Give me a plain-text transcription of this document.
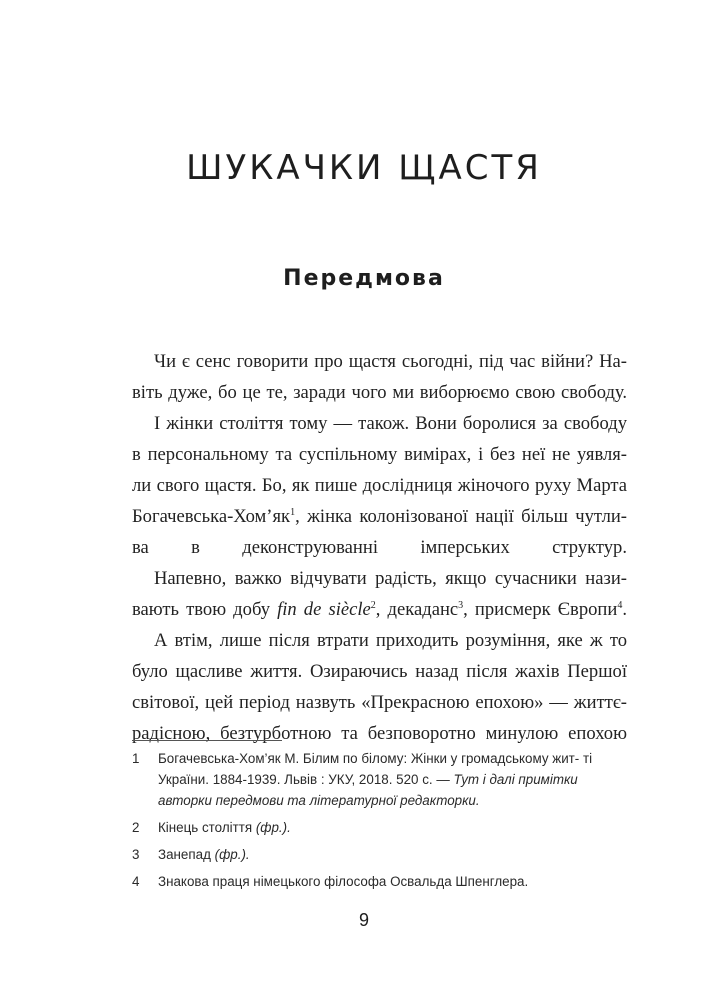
ШУКАЧКИ ЩАСТЯ
Передмова

Чи є сенс говорити про щастя сьогодні, під час війни? На- віть дуже, бо це те, заради чого ми виборюємо свою свободу.

І жінки століття тому — також. Вони боролися за свободу в персональному та суспільному вимірах, і без неї не уявля- ли свого щастя. Бо, як пише дослідниця жіночого руху Марта Богачевська-$Хом’як^1$, жінка колонізованої нації більш чутли- ва в деконструюванні імперських структур.

Напевно, важко відчувати радість, якщо сучасники нази- вають твою добу fin de siècle$^2$, декаданс$^3$, присмерк Європи$^4$.

А втім, лише після втрати приходить розуміння, яке ж то було щасливе життя. Озираючись назад після жахів Першої світової, цей період назвуть «Прекрасною епохою» — життє- радісною, безтурботною та безповоротно минулою епохою

1	Богачевська-Хом’як М. Білим по білому: Жінки у громадському жит- ті України. 1884-1939. Львів : УКУ, 2018. 520 с. — Тут і далі примітки авторки передмови та літературної редакторки.
2	Кінець століття (фр.).
3	Занепад (фр.).
4	Знакова праця німецького філософа Освальда Шпенглера.
9
